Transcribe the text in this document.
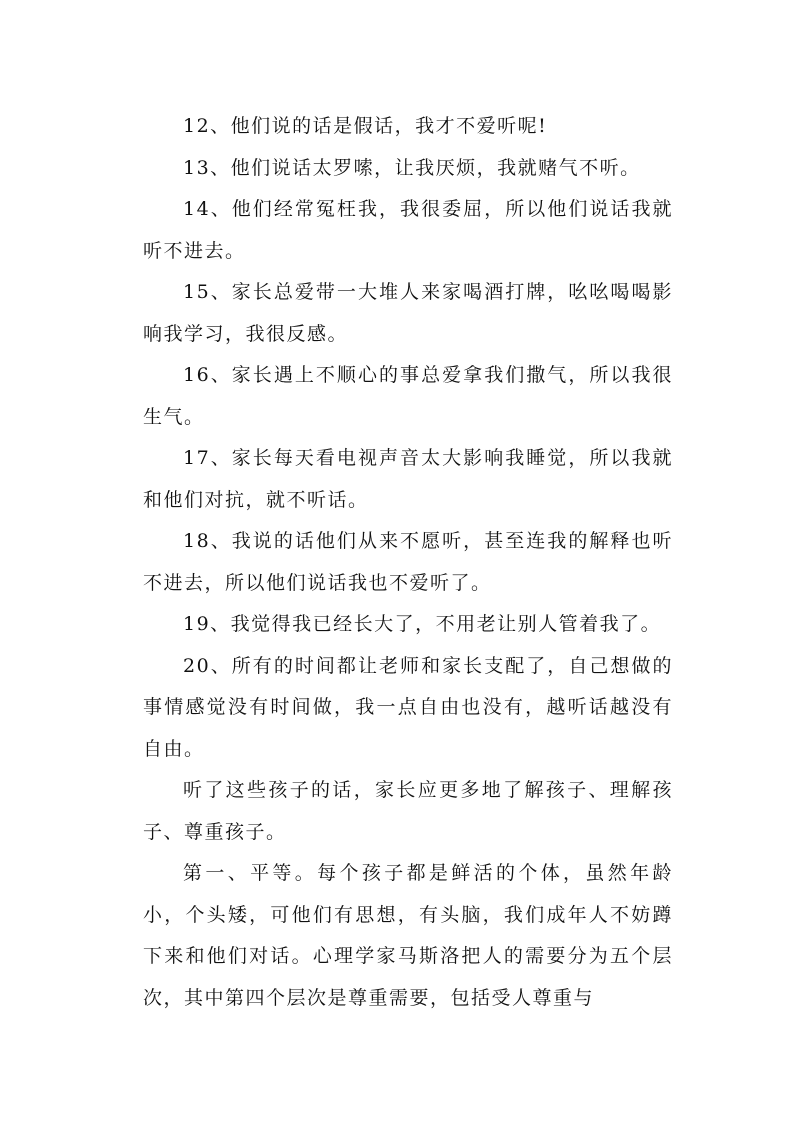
12、他们说的话是假话，我才不爱听呢!

13、他们说话太罗嗦，让我厌烦，我就赌气不听。

14、他们经常冤枉我，我很委屈，所以他们说话我就听不进去。

15、家长总爱带一大堆人来家喝酒打牌，吆吆喝喝影响我学习，我很反感。

16、家长遇上不顺心的事总爱拿我们撒气，所以我很生气。

17、家长每天看电视声音太大影响我睡觉，所以我就和他们对抗，就不听话。

18、我说的话他们从来不愿听，甚至连我的解释也听不进去，所以他们说话我也不爱听了。

19、我觉得我已经长大了，不用老让别人管着我了。

20、所有的时间都让老师和家长支配了，自己想做的事情感觉没有时间做，我一点自由也没有，越听话越没有自由。

听了这些孩子的话，家长应更多地了解孩子、理解孩子、尊重孩子。

第一、平等。每个孩子都是鲜活的个体，虽然年龄小，个头矮，可他们有思想，有头脑，我们成年人不妨蹲下来和他们对话。心理学家马斯洛把人的需要分为五个层次，其中第四个层次是尊重需要，包括受人尊重与
